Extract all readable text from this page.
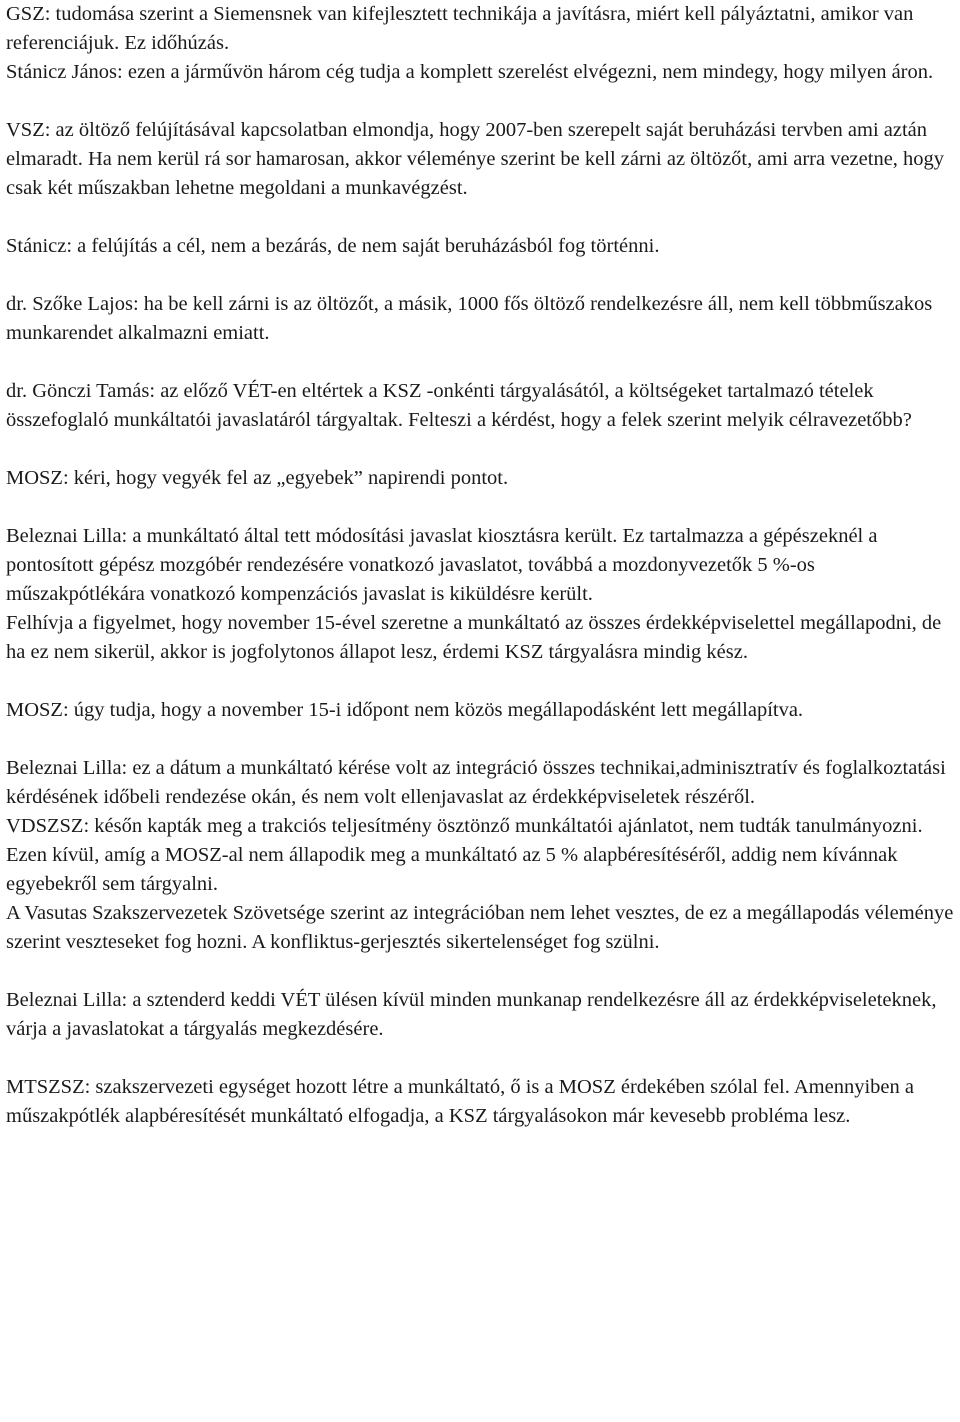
GSZ: tudomása szerint a Siemensnek van kifejlesztett technikája a javításra, miért kell pályáztatni, amikor van referenciájuk. Ez időhúzás.

Stánicz János: ezen a járművön három cég tudja a komplett szerelést elvégezni, nem mindegy, hogy milyen áron.

VSZ: az öltöző felújításával kapcsolatban elmondja, hogy 2007-ben szerepelt saját beruházási tervben ami aztán elmaradt. Ha nem kerül rá sor hamarosan, akkor véleménye szerint be kell zárni az öltözőt, ami arra vezetne, hogy csak két műszakban lehetne megoldani a munkavégzést.

Stánicz: a felújítás a cél, nem a bezárás, de nem saját beruházásból fog történni.

dr. Szőke Lajos: ha be kell zárni is az öltözőt, a másik, 1000 fős öltöző rendelkezésre áll, nem kell többműszakos munkarendet alkalmazni emiatt.

dr. Gönczi Tamás: az előző VÉT-en eltértek a KSZ -onkénti tárgyalásától, a költségeket tartalmazó tételek összefoglaló munkáltatói javaslatáról tárgyaltak. Felteszi a kérdést, hogy a felek szerint melyik célravezetőbb?

MOSZ: kéri, hogy vegyék fel az „egyebek” napirendi pontot.

Beleznai Lilla: a munkáltató által tett módosítási javaslat kiosztásra került. Ez tartalmazza a gépészeknél a pontosított gépész mozgóbér rendezésére vonatkozó javaslatot, továbbá a mozdonyvezetők 5 %-os műszakpótlékára vonatkozó kompenzációs javaslat is kiküldésre került.

Felhívja a figyelmet, hogy november 15-ével szeretne a munkáltató az összes érdekképviselettel megállapodni, de ha ez nem sikerül, akkor is jogfolytonos állapot lesz, érdemi KSZ tárgyalásra mindig kész.

MOSZ: úgy tudja, hogy a november 15-i időpont nem közös megállapodásként lett megállapítva.

Beleznai Lilla: ez a dátum a munkáltató kérése volt az integráció összes technikai,adminisztratív és foglalkoztatási kérdésének időbeli rendezése okán, és nem volt ellenjavaslat az érdekképviseletek részéről.

VDSZSZ: későn kapták meg a trakciós teljesítmény ösztönző munkáltatói ajánlatot, nem tudták tanulmányozni. Ezen kívül, amíg a MOSZ-al nem állapodik meg a munkáltató az 5 % alapbéresítéséről, addig nem kívánnak egyebekről sem tárgyalni.

A Vasutas Szakszervezetek Szövetsége szerint az integrációban nem lehet vesztes, de ez a megállapodás véleménye szerint veszteseket fog hozni. A konfliktus-gerjesztés sikertelenséget fog szülni.

Beleznai Lilla: a sztenderd keddi VÉT ülésen kívül minden munkanap rendelkezésre áll az érdekképviseleteknek, várja a javaslatokat a tárgyalás megkezdésére.

MTSZSZ: szakszervezeti egységet hozott létre a munkáltató, ő is a MOSZ érdekében szólal fel. Amennyiben a műszakpótlék alapbéresítését munkáltató elfogadja, a KSZ tárgyalásokon már kevesebb probléma lesz.
